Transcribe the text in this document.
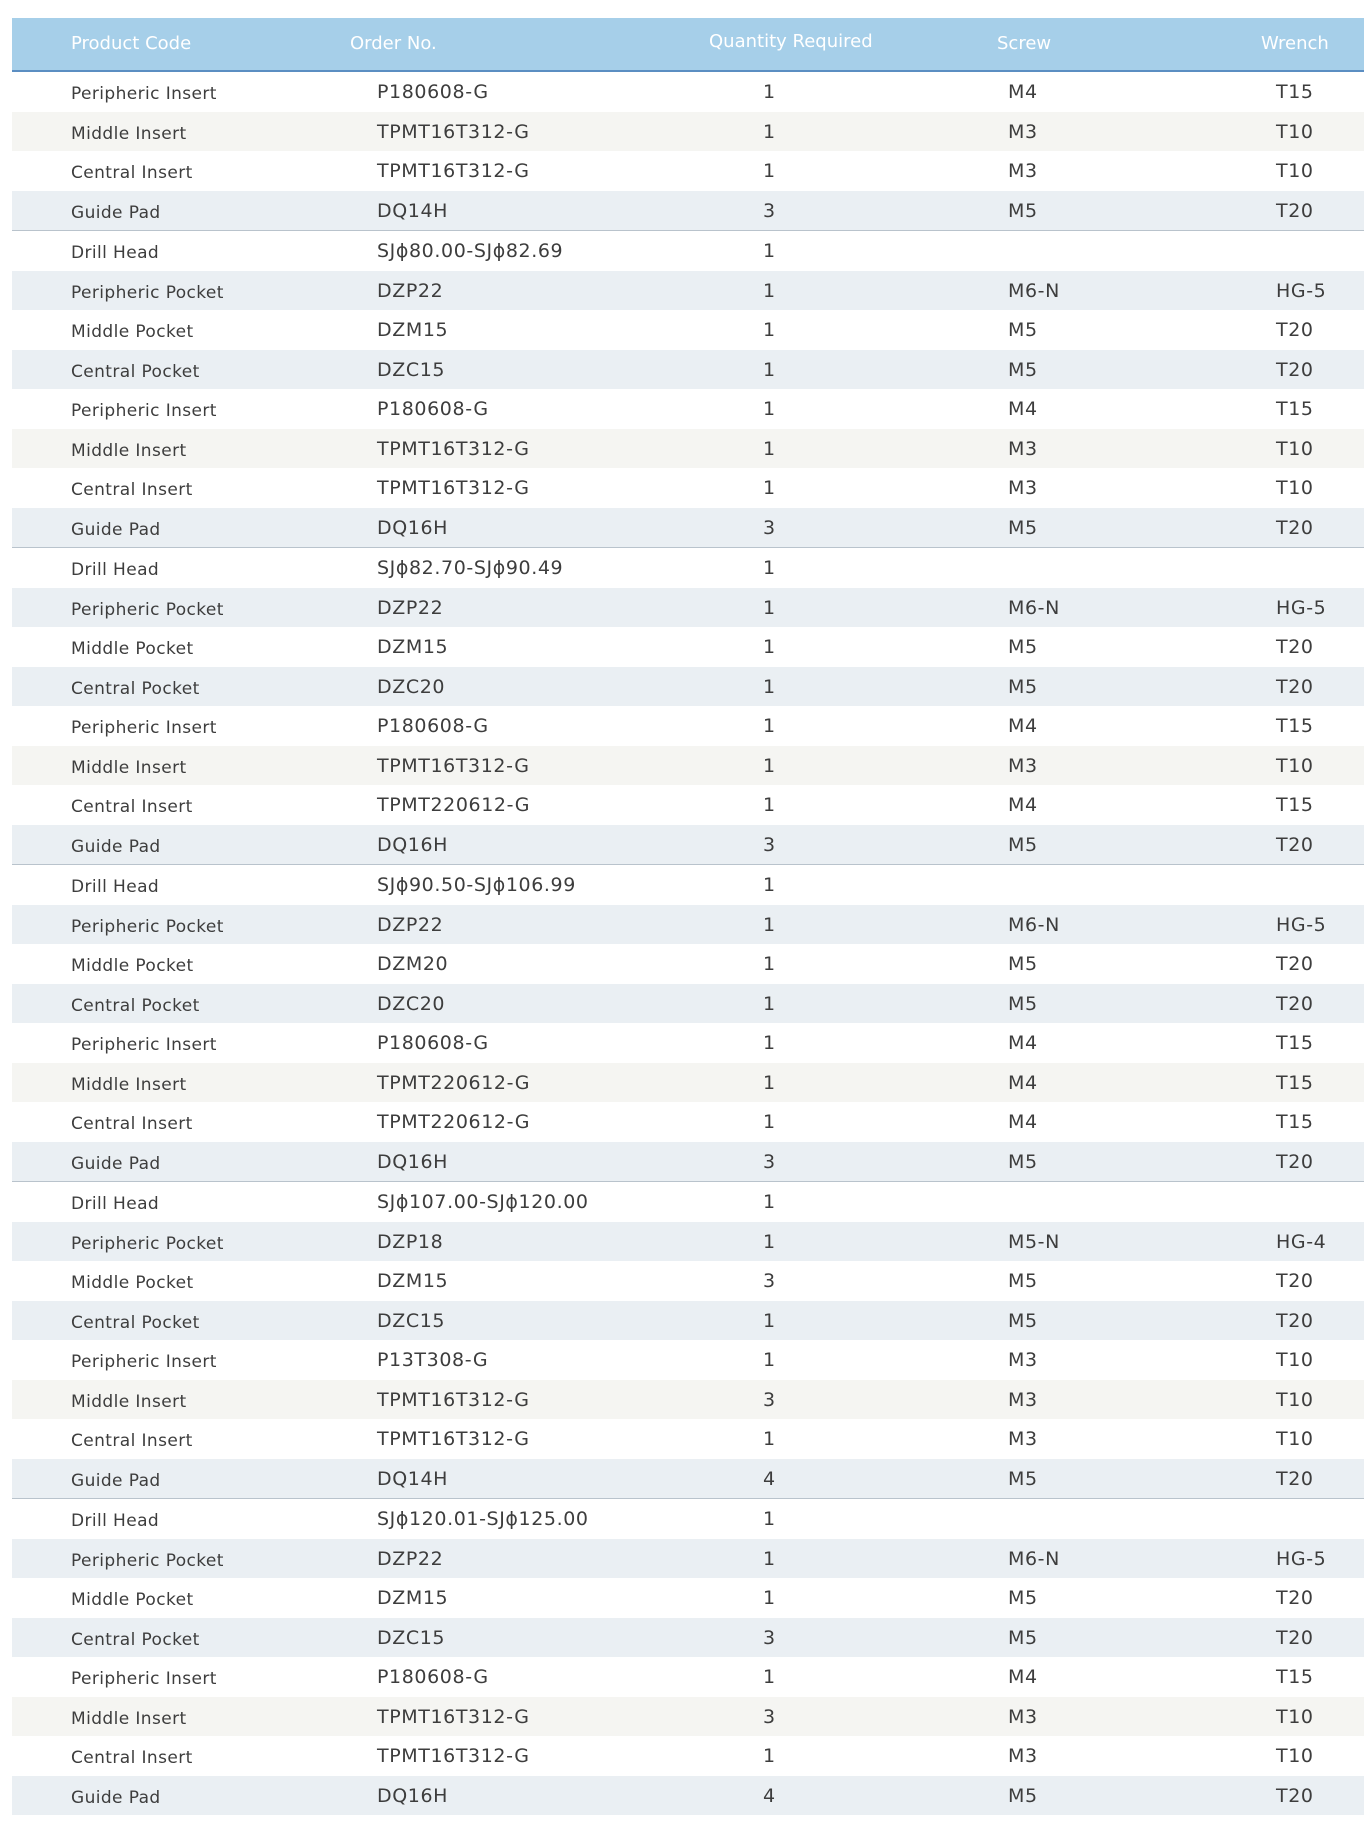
Product Code	Order No.	Quantity Required	Screw	Wrench
Peripheric Insert	P180608-G	1	M4	T15
Middle Insert	TPMT16T312-G	1	M3	T10
Central Insert	TPMT16T312-G	1	M3	T10
Guide Pad	DQ14H	3	M5	T20
Drill Head	SJϕ80.00-SJϕ82.69	1
Peripheric Pocket	DZP22	1	M6-N	HG-5
Middle Pocket	DZM15	1	M5	T20
Central Pocket	DZC15	1	M5	T20
Peripheric Insert	P180608-G	1	M4	T15
Middle Insert	TPMT16T312-G	1	M3	T10
Central Insert	TPMT16T312-G	1	M3	T10
Guide Pad	DQ16H	3	M5	T20
Drill Head	SJϕ82.70-SJϕ90.49	1
Peripheric Pocket	DZP22	1	M6-N	HG-5
Middle Pocket	DZM15	1	M5	T20
Central Pocket	DZC20	1	M5	T20
Peripheric Insert	P180608-G	1	M4	T15
Middle Insert	TPMT16T312-G	1	M3	T10
Central Insert	TPMT220612-G	1	M4	T15
Guide Pad	DQ16H	3	M5	T20
Drill Head	SJϕ90.50-SJϕ106.99	1
Peripheric Pocket	DZP22	1	M6-N	HG-5
Middle Pocket	DZM20	1	M5	T20
Central Pocket	DZC20	1	M5	T20
Peripheric Insert	P180608-G	1	M4	T15
Middle Insert	TPMT220612-G	1	M4	T15
Central Insert	TPMT220612-G	1	M4	T15
Guide Pad	DQ16H	3	M5	T20
Drill Head	SJϕ107.00-SJϕ120.00	1
Peripheric Pocket	DZP18	1	M5-N	HG-4
Middle Pocket	DZM15	3	M5	T20
Central Pocket	DZC15	1	M5	T20
Peripheric Insert	P13T308-G	1	M3	T10
Middle Insert	TPMT16T312-G	3	M3	T10
Central Insert	TPMT16T312-G	1	M3	T10
Guide Pad	DQ14H	4	M5	T20
Drill Head	SJϕ120.01-SJϕ125.00	1
Peripheric Pocket	DZP22	1	M6-N	HG-5
Middle Pocket	DZM15	1	M5	T20
Central Pocket	DZC15	3	M5	T20
Peripheric Insert	P180608-G	1	M4	T15
Middle Insert	TPMT16T312-G	3	M3	T10
Central Insert	TPMT16T312-G	1	M3	T10
Guide Pad	DQ16H	4	M5	T20
